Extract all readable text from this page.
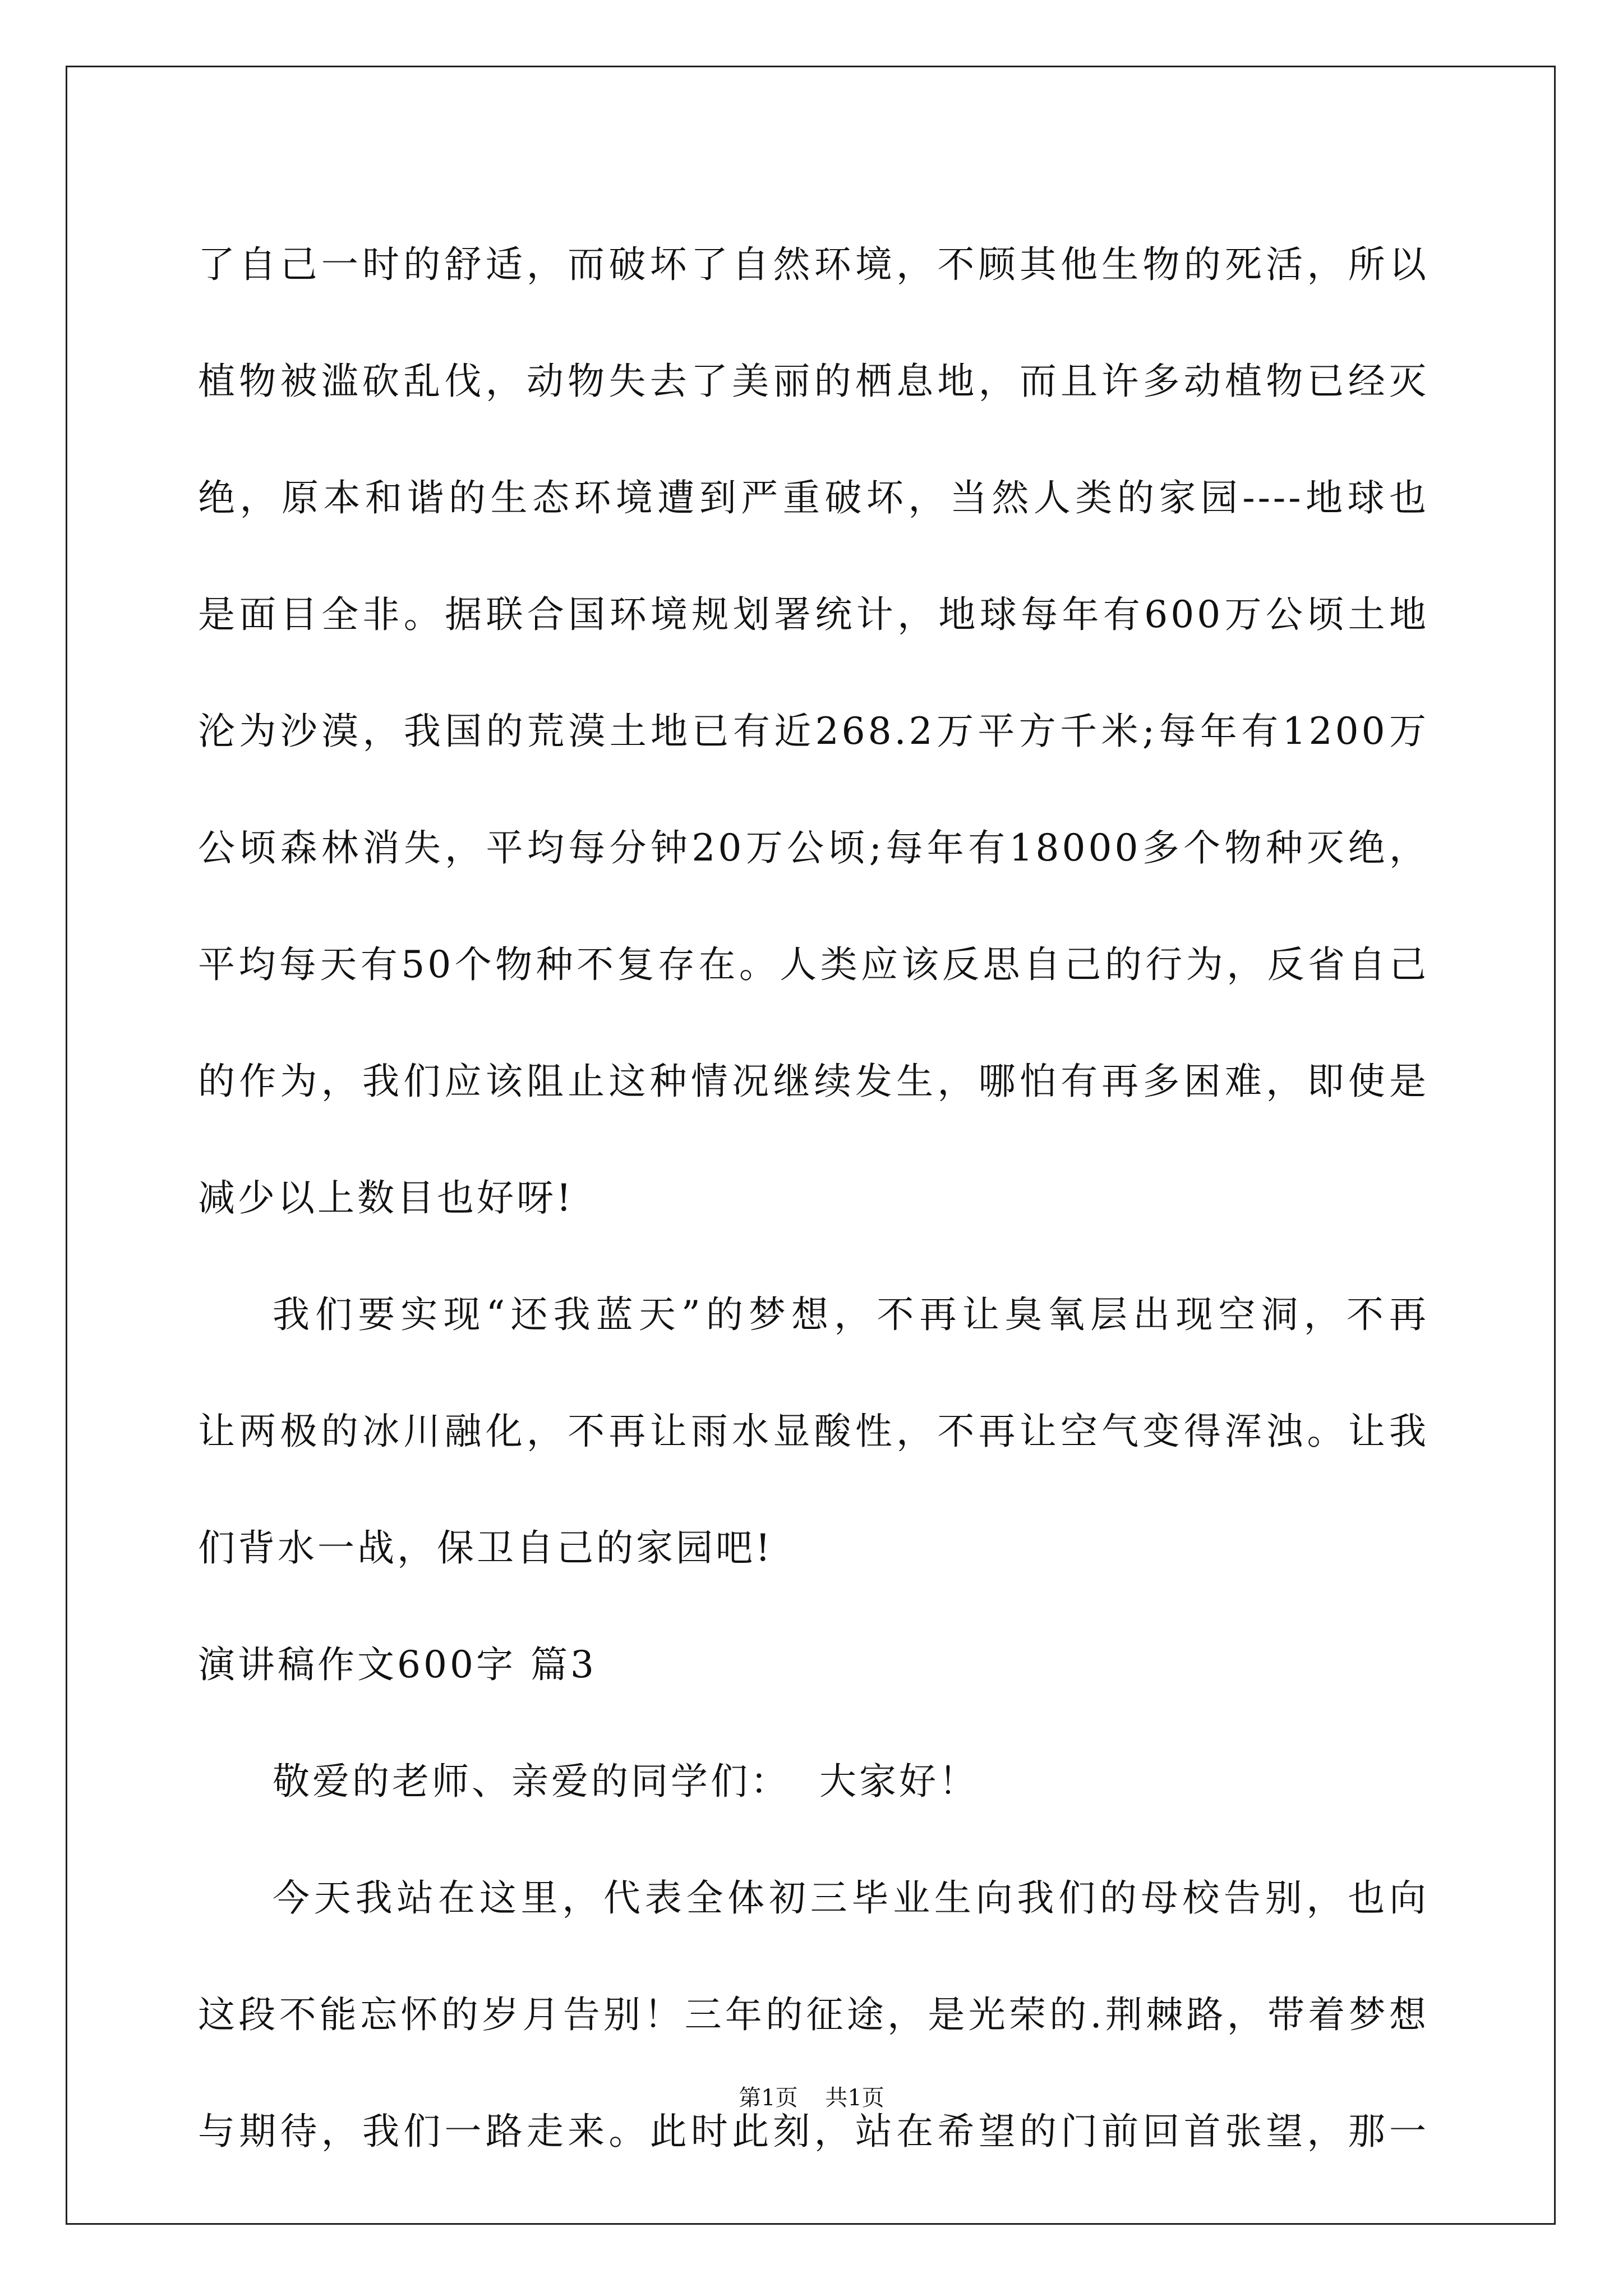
了自己一时的舒适，而破坏了自然环境，不顾其他生物的死活，所以
植物被滥砍乱伐，动物失去了美丽的栖息地，而且许多动植物已经灭
绝，原本和谐的生态环境遭到严重破坏，当然人类的家园----地球也
是面目全非。据联合国环境规划署统计，地球每年有600万公顷土地
沦为沙漠，我国的荒漠土地已有近268.2万平方千米;每年有1200万
公顷森林消失，平均每分钟20万公顷;每年有18000多个物种灭绝，
平均每天有50个物种不复存在。人类应该反思自己的行为，反省自己
的作为，我们应该阻止这种情况继续发生，哪怕有再多困难，即使是
减少以上数目也好呀!
我们要实现“还我蓝天”的梦想，不再让臭氧层出现空洞，不再
让两极的冰川融化，不再让雨水显酸性，不再让空气变得浑浊。让我
们背水一战，保卫自己的家园吧!
演讲稿作文600字 篇3
敬爱的老师、亲爱的同学们：  大家好！
今天我站在这里，代表全体初三毕业生向我们的母校告别，也向
这段不能忘怀的岁月告别！三年的征途，是光荣的.荆棘路，带着梦想
与期待，我们一路走来。此时此刻，站在希望的门前回首张望，那一
第1页 共1页
